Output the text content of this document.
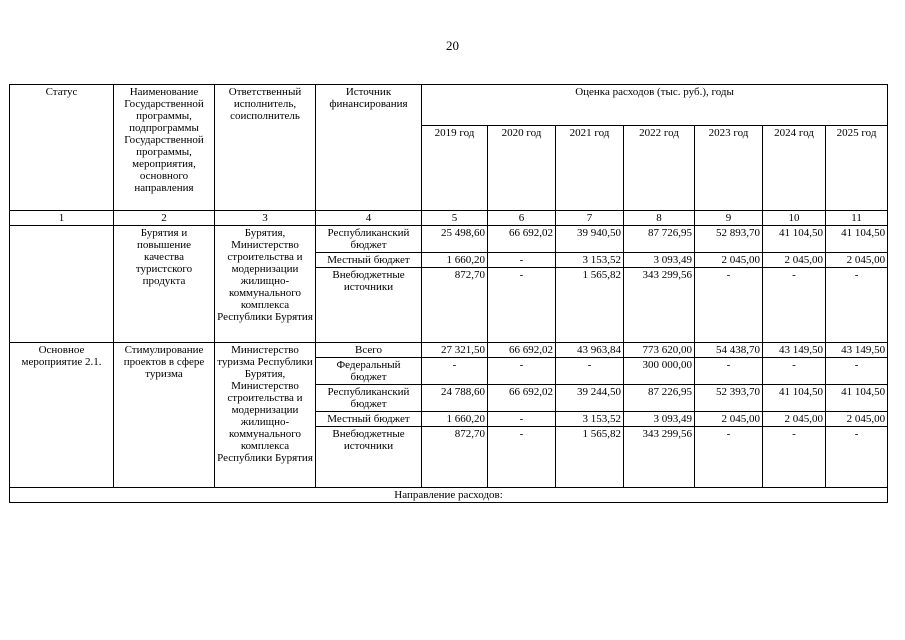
20
Статус	Наименование Государственной программы, подпрограммы Государственной программы, мероприятия, основного направления	Ответственный исполнитель, соисполнитель	Источник финансирования	Оценка расходов (тыс. руб.), годы						
				2019 год	2020 год	2021 год	2022 год	2023 год	2024 год	2025 год
1	2	3	4	5	6	7	8	9	10	11
	Бурятия и повышение качества туристского продукта	Бурятия, Министерство строительства и модернизации жилищно-коммунального комплекса Республики Бурятия	Республиканский бюджет	25 498,60	66 692,02	39 940,50	87 726,95	52 893,70	41 104,50	41 104,50
			Местный бюджет	1 660,20	-	3 153,52	3 093,49	2 045,00	2 045,00	2 045,00
			Внебюджетные источники	872,70	-	1 565,82	343 299,56	-	-	-
Основное мероприятие 2.1.	Стимулирование проектов в сфере туризма	Министерство туризма Республики Бурятия, Министерство строительства и модернизации жилищно-коммунального комплекса Республики Бурятия	Всего	27 321,50	66 692,02	43 963,84	773 620,00	54 438,70	43 149,50	43 149,50
			Федеральный бюджет	-	-	-	300 000,00	-	-	-
			Республиканский бюджет	24 788,60	66 692,02	39 244,50	87 226,95	52 393,70	41 104,50	41 104,50
			Местный бюджет	1 660,20	-	3 153,52	3 093,49	2 045,00	2 045,00	2 045,00
			Внебюджетные источники	872,70	-	1 565,82	343 299,56	-	-	-
Направление расходов:										
